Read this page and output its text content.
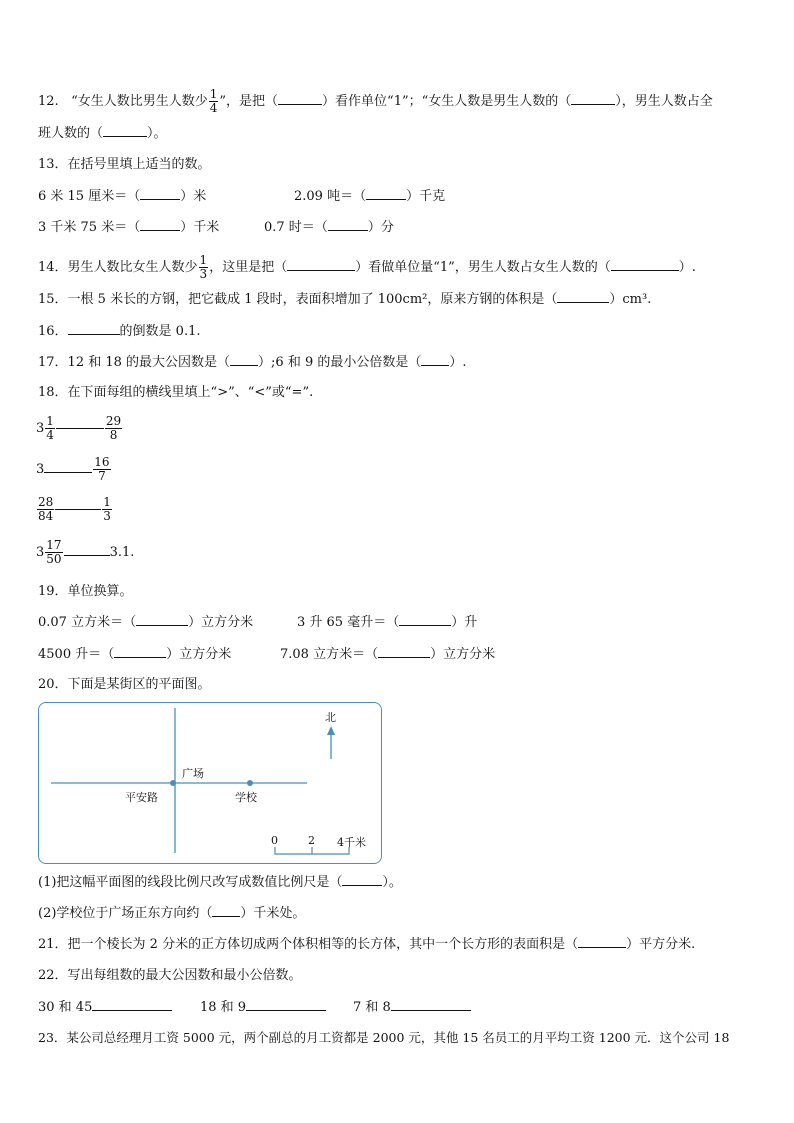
12. “女生人数比男生人数少 $\frac{1}{4}$ ”，是把（	）看作单位“1”；“女生人数是男生人数的（	），男生人数占全
班人数的（	）。
13．在括号里填上适当的数。
6 米 15 厘米＝（	）米	2.09 吨＝（	）千克
3 千米 75 米＝（	）千米	0.7 时＝（	）分
14．男生人数比女生人数少 $\frac{1}{3}$ ，这里是把（	）看做单位量“1”，男生人数占女生人数的（	）.
15．一根 5 米长的方钢，把它截成 1 段时，表面积增加了 100cm²，原来方钢的体积是（	）cm³.
16．	的倒数是 0.1.
17．12 和 18 的最大公因数是（ ）;6 和 9 的最小公倍数是（ ）.
18．在下面每组的横线里填上“>”、“<”或“=”.
$3 \frac{1}{4}$	$\frac{29}{8}$
3	$\frac{16}{7}$
$\frac{28}{84}$	$\frac{1}{3}$
$3 \frac{17}{50}$	3.1.
19．单位换算。
0.07 立方米＝（	）立方分米	3 升 65 毫升＝（	）升
4500 升＝（	）立方分米	7.08 立方米＝（	）立方分米
20．下面是某街区的平面图。
北
广场
平安路	学校
0	2 4千米
(1)把这幅平面图的线段比例尺改写成数值比例尺是（	）。
(2)学校位于广场正东方向约（ ）千米处。
21．把一个棱长为 2 分米的正方体切成两个体积相等的长方体，其中一个长方形的表面积是（	）平方分米.
22．写出每组数的最大公因数和最小公倍数。
30 和 45	18 和 9	7 和 8
23．某公司总经理月工资 5000 元，两个副总的月工资都是 2000 元，其他 15 名员工的月平均工资 1200 元．这个公司 18
